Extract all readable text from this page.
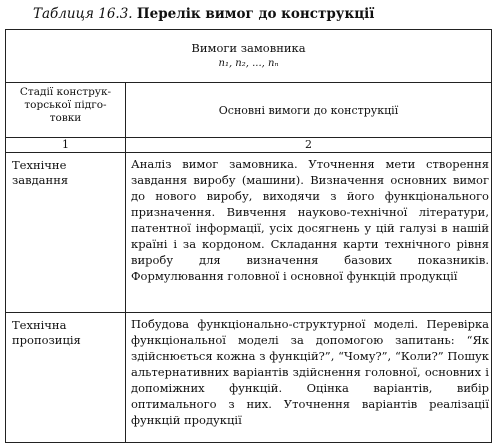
Таблиця 16.3. Перелік вимог до конструкції
Вимоги замовника
n₁, n₂, ..., nₙ	

Стадії конструк-
торської підго-
товки	Основні вимоги до конструкції
1	2

Технічне
завдання	Аналіз вимог замовника. Уточнення мети створення завдання виробу (машини). Визначення основних вимог до нового виробу, виходячи з його функціонального призначення. Вивчення науково-технічної літератури, патентної інформації, усіх досягнень у цій галузі в нашій країні і за кордоном. Складання карти технічного рівня виробу для визначення базових показників. Формулювання головної і основної функцій продукції

Технічна
пропозиція	Побудова функціонально-структурної моделі. Перевірка функціональної моделі за допомогою запитань: “Як здійснюється кожна з функцій?”, “Чому?”, “Коли?” Пошук альтернативних варіантів здійснення головної, основних і допоміжних функцій. Оцінка варіантів, вибір оптимального з них. Уточнення варіантів реалізації функцій продукції
